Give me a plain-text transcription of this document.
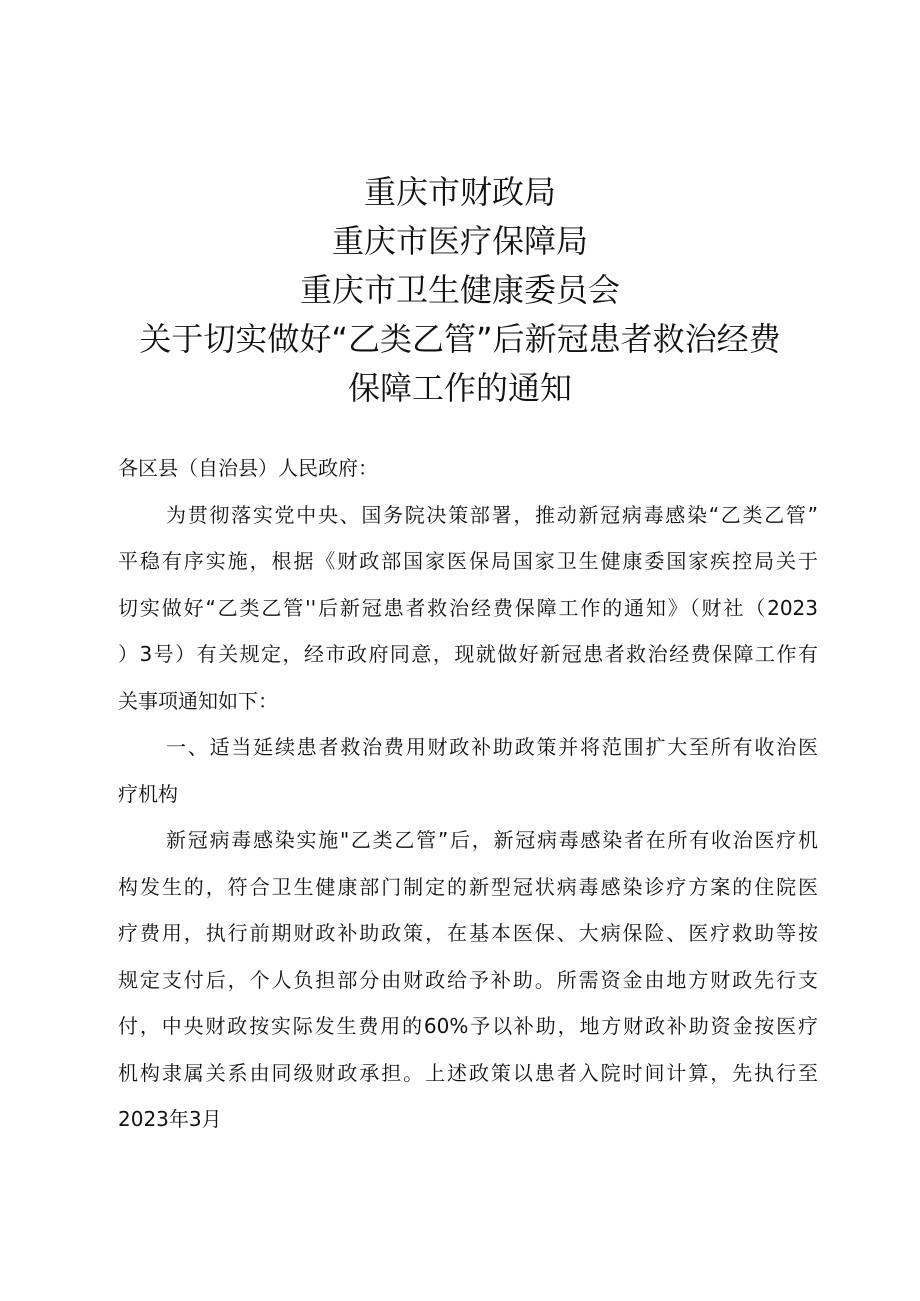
重庆市财政局
重庆市医疗保障局
重庆市卫生健康委员会
关于切实做好“乙类乙管”后新冠患者救治经费
保障工作的通知

各区县（自治县）人民政府：

为贯彻落实党中央、国务院决策部署，推动新冠病毒感染“乙类乙管”
平稳有序实施，根据《财政部国家医保局国家卫生健康委国家疾控局关于
切实做好“乙类乙管''后新冠患者救治经费保障工作的通知》（财社（2023
）3号）有关规定，经市政府同意，现就做好新冠患者救治经费保障工作有
关事项通知如下：

一、适当延续患者救治费用财政补助政策并将范围扩大至所有收治医
疗机构

新冠病毒感染实施"乙类乙管”后，新冠病毒感染者在所有收治医疗机
构发生的，符合卫生健康部门制定的新型冠状病毒感染诊疗方案的住院医
疗费用，执行前期财政补助政策，在基本医保、大病保险、医疗救助等按
规定支付后，个人负担部分由财政给予补助。所需资金由地方财政先行支
付，中央财政按实际发生费用的60%予以补助，地方财政补助资金按医疗
机构隶属关系由同级财政承担。上述政策以患者入院时间计算，先执行至
2023年3月
